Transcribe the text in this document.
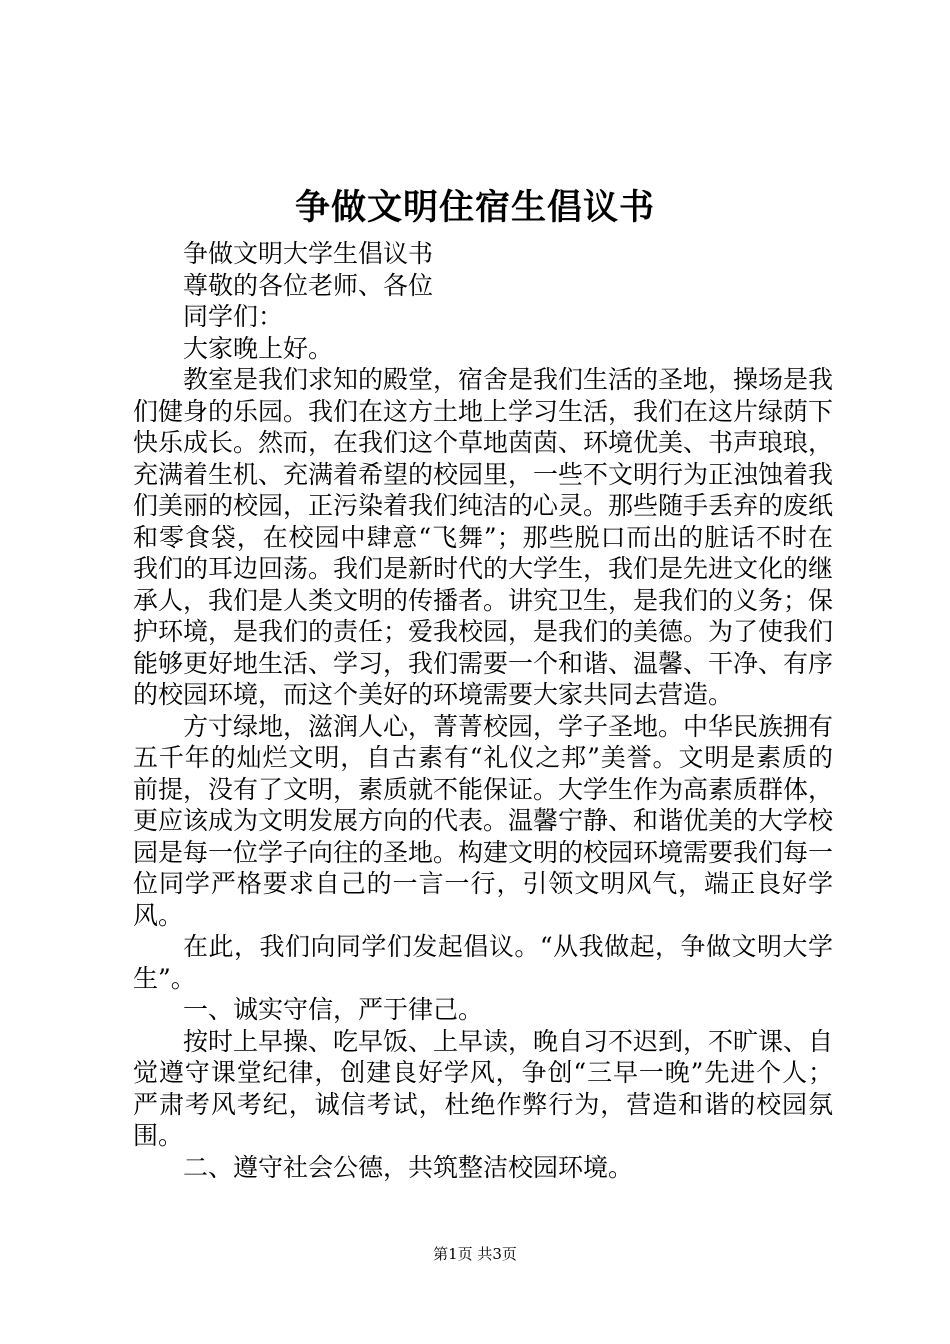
争做文明住宿生倡议书

争做文明大学生倡议书

尊敬的各位老师、各位

同学们：

大家晚上好。

教室是我们求知的殿堂，宿舍是我们生活的圣地，操场是我们健身的乐园。我们在这方土地上学习生活，我们在这片绿荫下快乐成长。然而，在我们这个草地茵茵、环境优美、书声琅琅，充满着生机、充满着希望的校园里，一些不文明行为正浊蚀着我们美丽的校园，正污染着我们纯洁的心灵。那些随手丢弃的废纸和零食袋，在校园中肆意“飞舞”；那些脱口而出的脏话不时在我们的耳边回荡。我们是新时代的大学生，我们是先进文化的继承人，我们是人类文明的传播者。讲究卫生，是我们的义务；保护环境，是我们的责任；爱我校园，是我们的美德。为了使我们能够更好地生活、学习，我们需要一个和谐、温馨、干净、有序的校园环境，而这个美好的环境需要大家共同去营造。

方寸绿地，滋润人心，菁菁校园，学子圣地。中华民族拥有五千年的灿烂文明，自古素有“礼仪之邦”美誉。文明是素质的前提，没有了文明，素质就不能保证。大学生作为高素质群体，更应该成为文明发展方向的代表。温馨宁静、和谐优美的大学校园是每一位学子向往的圣地。构建文明的校园环境需要我们每一位同学严格要求自己的一言一行，引领文明风气，端正良好学风。

在此，我们向同学们发起倡议。“从我做起，争做文明大学生”。

一、诚实守信，严于律己。

按时上早操、吃早饭、上早读，晚自习不迟到，不旷课、自觉遵守课堂纪律，创建良好学风，争创“三早一晚”先进个人；严肃考风考纪，诚信考试，杜绝作弊行为，营造和谐的校园氛围。

二、遵守社会公德，共筑整洁校园环境。

第1页 共3页
